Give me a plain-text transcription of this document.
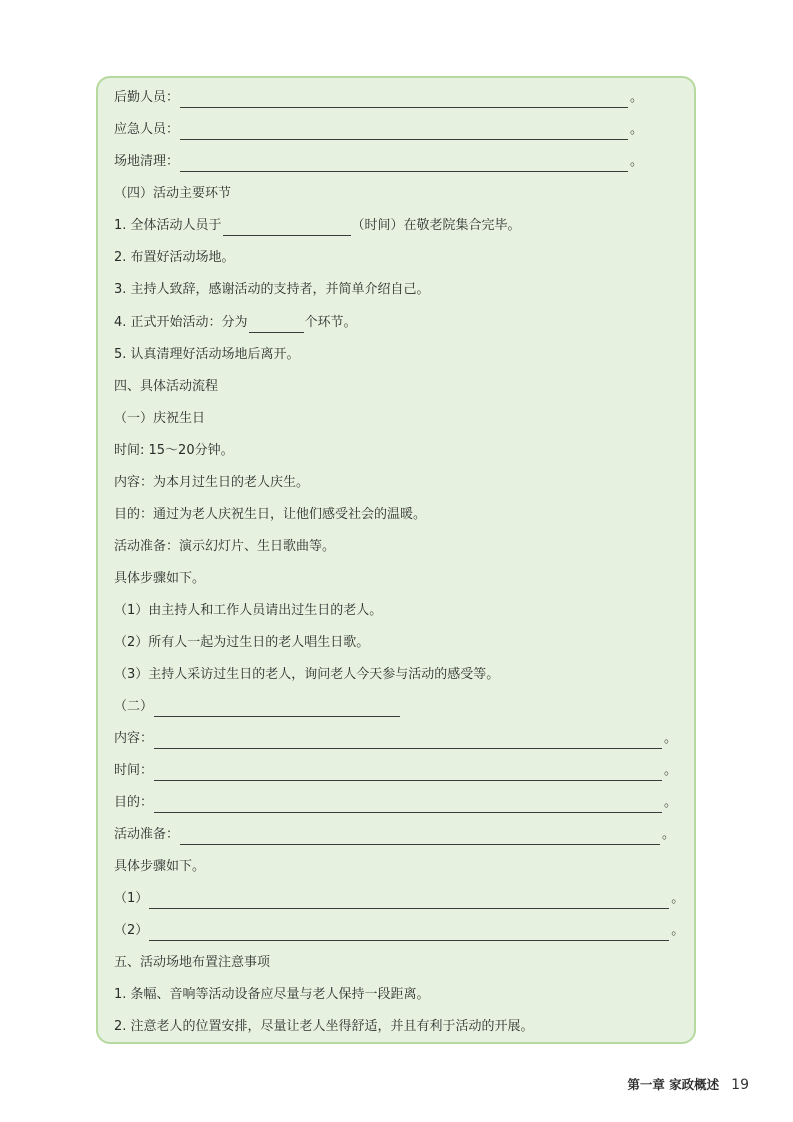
后勤人员：	。
应急人员：	。
场地清理：	。
（四）活动主要环节
1. 全体活动人员于	（时间）在敬老院集合完毕。
2. 布置好活动场地。
3. 主持人致辞，感谢活动的支持者，并简单介绍自己。
4. 正式开始活动：分为	个环节。
5. 认真清理好活动场地后离开。
四、具体活动流程
（一）庆祝生日
时间: 15～20分钟。
内容：为本月过生日的老人庆生。
目的：通过为老人庆祝生日，让他们感受社会的温暖。
活动准备：演示幻灯片、生日歌曲等。
具体步骤如下。
（1）由主持人和工作人员请出过生日的老人。
（2）所有人一起为过生日的老人唱生日歌。
（3）主持人采访过生日的老人，询问老人今天参与活动的感受等。
（二）
内容：	。
时间：	。
目的：	。
活动准备：	。
具体步骤如下。
（1）	。
（2）	。
五、活动场地布置注意事项
1. 条幅、音响等活动设备应尽量与老人保持一段距离。
2. 注意老人的位置安排，尽量让老人坐得舒适，并且有利于活动的开展。
第一章 家政概述 19
